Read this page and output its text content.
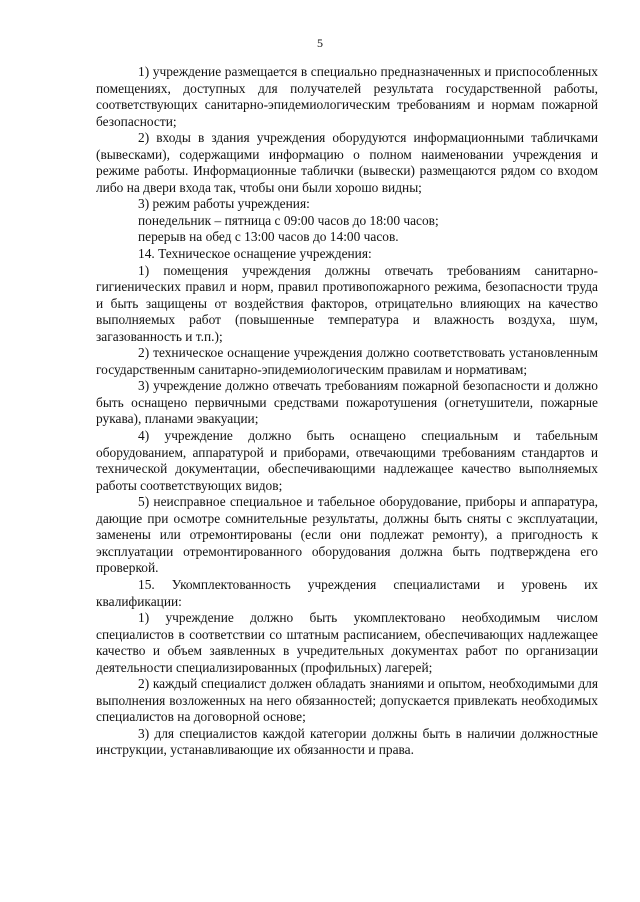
5

1) учреждение размещается в специально предназначенных и приспособленных помещениях, доступных для получателей результата государственной работы, соответствующих санитарно-эпидемиологическим требованиям и нормам пожарной безопасности;

2) входы в здания учреждения оборудуются информационными табличками (вывесками), содержащими информацию о полном наименовании учреждения и режиме работы. Информационные таблички (вывески) размещаются рядом со входом либо на двери входа так, чтобы они были хорошо видны;

3) режим работы учреждения:

понедельник – пятница с 09:00 часов до 18:00 часов;

перерыв на обед с 13:00 часов до 14:00 часов.

14. Техническое оснащение учреждения:

1) помещения учреждения должны отвечать требованиям санитарно-гигиенических правил и норм, правил противопожарного режима, безопасности труда и быть защищены от воздействия факторов, отрицательно влияющих на качество выполняемых работ (повышенные температура и влажность воздуха, шум, загазованность и т.п.);

2) техническое оснащение учреждения должно соответствовать установленным государственным санитарно-эпидемиологическим правилам и нормативам;

3) учреждение должно отвечать требованиям пожарной безопасности и должно быть оснащено первичными средствами пожаротушения (огнетушители, пожарные рукава), планами эвакуации;

4) учреждение должно быть оснащено специальным и табельным оборудованием, аппаратурой и приборами, отвечающими требованиям стандартов и технической документации, обеспечивающими надлежащее качество выполняемых работы соответствующих видов;

5) неисправное специальное и табельное оборудование, приборы и аппаратура, дающие при осмотре сомнительные результаты, должны быть сняты с эксплуатации, заменены или отремонтированы (если они подлежат ремонту), а пригодность к эксплуатации отремонтированного оборудования должна быть подтверждена его проверкой.

15. Укомплектованность учреждения специалистами и уровень их квалификации:

1) учреждение должно быть укомплектовано необходимым числом специалистов в соответствии со штатным расписанием, обеспечивающих надлежащее качество и объем заявленных в учредительных документах работ по организации деятельности специализированных (профильных) лагерей;

2) каждый специалист должен обладать знаниями и опытом, необходимыми для выполнения возложенных на него обязанностей; допускается привлекать необходимых специалистов на договорной основе;

3) для специалистов каждой категории должны быть в наличии должностные инструкции, устанавливающие их обязанности и права.
